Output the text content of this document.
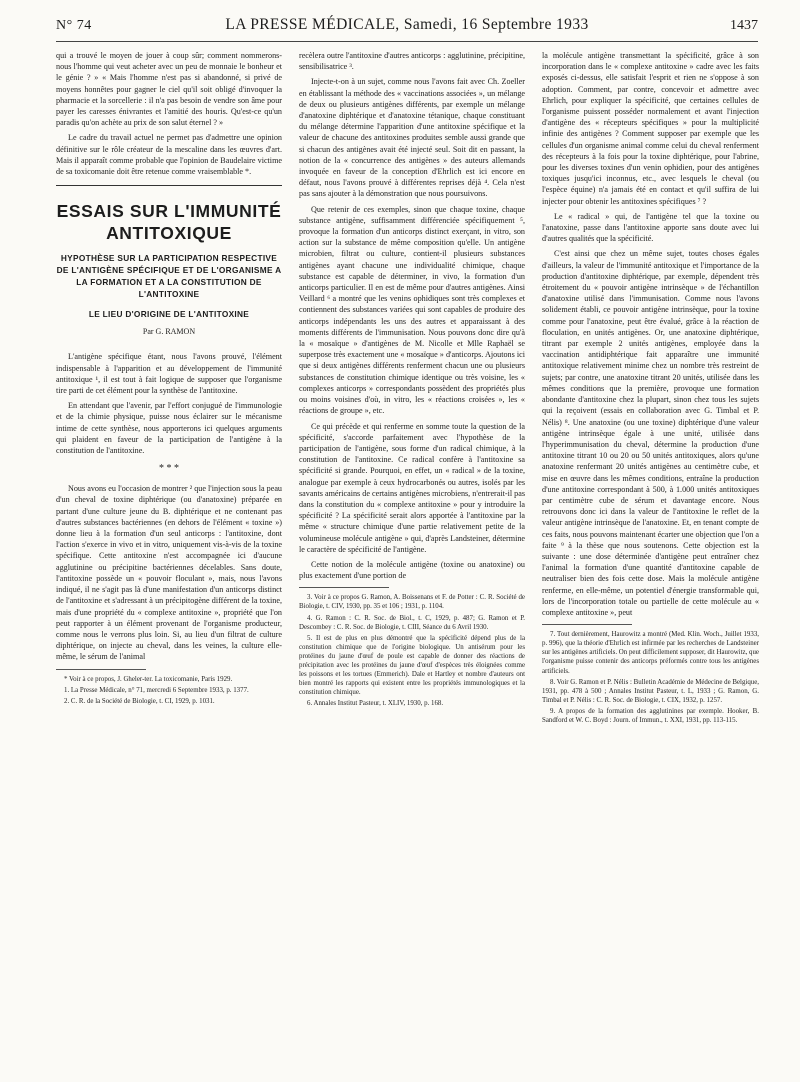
N° 74	LA PRESSE MÉDICALE, Samedi, 16 Septembre 1933	1437

qui a trouvé le moyen de jouer à coup sûr; comment nommerons-nous l'homme qui veut acheter avec un peu de monnaie le bonheur et le génie ? » « Mais l'homme n'est pas si abandonné, si privé de moyens honnêtes pour gagner le ciel qu'il soit obligé d'invoquer la pharmacie et la sorcellerie : il n'a pas besoin de vendre son âme pour payer les caresses énivrantes et l'amitié des houris. Qu'est-ce qu'un paradis qu'on achète au prix de son salut éternel ? »

Le cadre du travail actuel ne permet pas d'admettre une opinion définitive sur le rôle créateur de la mescaline dans les œuvres d'art. Mais il apparaît comme probable que l'opinion de Baudelaire victime de sa toxicomanie doit être retenue comme vraisemblable *.

ESSAIS SUR L'IMMUNITÉ ANTITOXIQUE
HYPOTHÈSE SUR LA PARTICIPATION RESPECTIVE DE L'ANTIGÈNE SPÉCIFIQUE ET DE L'ORGANISME A LA FORMATION ET A LA CONSTITUTION DE L'ANTITOXINE
LE LIEU D'ORIGINE DE L'ANTITOXINE
Par G. RAMON

L'antigène spécifique étant, nous l'avons prouvé, l'élément indispensable à l'apparition et au développement de l'immunité antitoxique ¹, il est tout à fait logique de supposer que l'organisme tire parti de cet élément pour la synthèse de l'antitoxine.

En attendant que l'avenir, par l'effort conjugué de l'immunologie et de la chimie physique, puisse nous éclairer sur le mécanisme intime de cette synthèse, nous apporterons ici quelques arguments qui plaident en faveur de la participation de l'antigène à la constitution de l'antitoxine.

* * *

Nous avons eu l'occasion de montrer ² que l'injection sous la peau d'un cheval de toxine diphtérique (ou d'anatoxine) préparée en partant d'une culture jeune du B. diphtérique et ne contenant pas d'autres substances bactériennes (en dehors de l'élément « toxine ») donne lieu à la formation d'un seul anticorps : l'antitoxine, dont l'action s'exerce in vivo et in vitro, uniquement vis-à-vis de la toxine spécifique. Cette antitoxine n'est accompagnée ici d'aucune agglutinine ou précipitine bactériennes décelables. Sans doute, l'antitoxine possède un « pouvoir floculant », mais, nous l'avons indiqué, il ne s'agit pas là d'une manifestation d'un anticorps distinct de l'antitoxine et s'adressant à un précipitogène différent de la toxine, mais d'une propriété du « complexe antitoxine », propriété que l'on peut rapporter à un élément provenant de l'organisme producteur, comme nous le verrons plus loin. Si, au lieu d'un filtrat de culture diphtérique, on injecte au cheval, dans les veines, la culture elle-même, le sérum de l'animal

* Voir à ce propos, J. Gheler-ter. La toxicomanie, Paris 1929.

1. La Presse Médicale, n° 71, mercredi 6 Septembre 1933, p. 1377.

2. C. R. de la Société de Biologie, t. CI, 1929, p. 1031.

recèlera outre l'antitoxine d'autres anticorps : agglutinine, précipitine, sensibilisatrice ³.

Injecte-t-on à un sujet, comme nous l'avons fait avec Ch. Zoeller en établissant la méthode des « vaccinations associées », un mélange de deux ou plusieurs antigènes différents, par exemple un mélange d'anatoxine diphtérique et d'anatoxine tétanique, chaque constituant du mélange détermine l'apparition d'une antitoxine spécifique et la valeur de chacune des antitoxines produites semble aussi grande que si chacun des antigènes avait été injecté seul. Soit dit en passant, la notion de la « concurrence des antigènes » des auteurs allemands invoquée en faveur de la conception d'Ehrlich est ici encore en défaut, nous l'avons prouvé à différentes reprises déjà ⁴. Cela n'est pas sans ajouter à la démonstration que nous poursuivons.

Que retenir de ces exemples, sinon que chaque toxine, chaque substance antigène, suffisamment différenciée spécifiquement ⁵, provoque la formation d'un anticorps distinct exerçant, in vitro, son action sur la substance de même composition qu'elle. Un antigène microbien, filtrat ou culture, contient-il plusieurs substances antigènes ayant chacune une individualité chimique, chaque substance est capable de déterminer, in vivo, la formation d'un anticorps particulier. Il en est de même pour d'autres antigènes. Ainsi Veillard ⁶ a montré que les venins ophidiques sont très complexes et contiennent des substances variées qui sont capables de produire des anticorps indépendants les uns des autres et apparaissant à des moments différents de l'immunisation. Nous pouvons donc dire qu'à la « mosaïque » d'antigènes de M. Nicolle et Mlle Raphaël se superpose très exactement une « mosaïque » d'anticorps. Ajoutons ici que si deux antigènes différents renferment chacun une ou plusieurs substances de constitution chimique identique ou très voisine, les « complexes anticorps » correspondants possèdent des propriétés plus ou moins voisines d'où, in vitro, les « réactions croisées », les « réactions de groupe », etc.

Ce qui précède et qui renferme en somme toute la question de la spécificité, s'accorde parfaitement avec l'hypothèse de la participation de l'antigène, sous forme d'un radical chimique, à la constitution de l'antitoxine. Ce radical confère à l'antitoxine sa spécificité si grande. Pourquoi, en effet, un « radical » de la toxine, analogue par exemple à ceux hydrocarbonés ou autres, isolés par les savants américains de certains antigènes microbiens, n'entrerait-il pas dans la constitution du « complexe antitoxine » pour y introduire la spécificité ? La spécificité serait alors apportée à l'antitoxine par la même « structure chimique d'une partie relativement petite de la volumineuse molécule antigène » qui, d'après Landsteiner, détermine le caractère de spécificité de l'antigène.

Cette notion de la molécule antigène (toxine ou anatoxine) ou plus exactement d'une portion de

3. Voir à ce propos G. Ramon, A. Boissenans et F. de Potter : C. R. Société de Biologie, t. CIV, 1930, pp. 35 et 106 ; 1931, p. 1104.

4. G. Ramon : C. R. Soc. de Biol., t. C, 1929, p. 487; G. Ramon et P. Descombey : C. R. Soc. de Biologie, t. CIII, Séance du 6 Avril 1930.

5. Il est de plus en plus démontré que la spécificité dépend plus de la constitution chimique que de l'origine biologique. Un antisérum pour les protéines du jaune d'œuf de poule est capable de donner des réactions de précipitation avec les protéines du jaune d'œuf d'espèces très éloignées comme les poissons et les tortues (Emmerich). Dale et Hartley et nombre d'auteurs ont bien montré les rapports qui existent entre les propriétés immunologiques et la constitution chimique.

6. Annales Institut Pasteur, t. XLIV, 1930, p. 168.

la molécule antigène transmettant la spécificité, grâce à son incorporation dans le « complexe antitoxine » cadre avec les faits exposés ci-dessus, elle satisfait l'esprit et rien ne s'oppose à son adoption. Comment, par contre, concevoir et admettre avec Ehrlich, pour expliquer la spécificité, que certaines cellules de l'organisme puissent posséder normalement et avant l'injection d'antigène des « récepteurs spécifiques » pour la multiplicité infinie des antigènes ? Comment supposer par exemple que les cellules d'un organisme animal comme celui du cheval renferment des récepteurs à la fois pour la toxine diphtérique, pour l'abrine, pour les diverses toxines d'un venin ophidien, pour des antigènes toxiques jusqu'ici inconnus, etc., avec lesquels le cheval (ou l'espèce équine) n'a jamais été en contact et qu'il suffira de lui injecter pour obtenir les antitoxines spécifiques ⁷ ?

Le « radical » qui, de l'antigène tel que la toxine ou l'anatoxine, passe dans l'antitoxine apporte sans doute avec lui d'autres qualités que la spécificité.

C'est ainsi que chez un même sujet, toutes choses égales d'ailleurs, la valeur de l'immunité antitoxique et l'importance de la production d'antitoxine diphtérique, par exemple, dépendent très étroitement du « pouvoir antigène intrinsèque » de l'échantillon d'anatoxine utilisé dans l'immunisation. Comme nous l'avons solidement établi, ce pouvoir antigène intrinsèque, pour la toxine comme pour l'anatoxine, peut être évalué, grâce à la réaction de floculation, en unités antigènes. Or, une anatoxine diphtérique, titrant par exemple 2 unités antigènes, employée dans la vaccination antidiphtérique fait apparaître une immunité antitoxique relativement minime chez un nombre très restreint de sujets; par contre, une anatoxine titrant 20 unités, utilisée dans les mêmes conditions que la première, provoque une formation abondante d'antitoxine chez la plupart, sinon chez tous les sujets qui la reçoivent (essais en collaboration avec G. Timbal et P. Nélis) ⁸. Une anatoxine (ou une toxine) diphtérique d'une valeur antigène intrinsèque égale à une unité, utilisée dans l'hyperimmunisation du cheval, détermine la production d'une antitoxine titrant 10 ou 20 ou 50 unités antitoxiques, alors qu'une anatoxine renfermant 20 unités antigènes au centimètre cube, et mise en œuvre dans les mêmes conditions, entraîne la production d'une antitoxine correspondant à 500, à 1.000 unités antitoxiques par centimètre cube de sérum et davantage encore. Nous retrouvons donc ici dans la valeur de l'antitoxine le reflet de la valeur antigène intrinsèque de l'anatoxine. Et, en tenant compte de ces faits, nous pouvons maintenant écarter une objection que l'on a faite ⁹ à la thèse que nous soutenons. Cette objection est la suivante : une dose déterminée d'antigène peut entraîner chez l'animal la formation d'une quantité d'antitoxine capable de neutraliser bien des fois cette dose. Mais la molécule antigène renferme, en elle-même, un potentiel d'énergie transformable qui, lors de l'incorporation totale ou partielle de cette molécule au « complexe antitoxine », peut

7. Tout dernièrement, Haurowitz a montré (Med. Klin. Woch., Juillet 1933, p. 996), que la théorie d'Ehrlich est infirmée par les recherches de Landsteiner sur les antigènes artificiels. On peut difficilement supposer, dit Haurowitz, que l'organisme puisse contenir des anticorps préformés contre tous les antigènes artificiels.

8. Voir G. Ramon et P. Nélis : Bulletin Académie de Médecine de Belgique, 1931, pp. 478 à 500 ; Annales Institut Pasteur, t. L, 1933 ; G. Ramon, G. Timbal et P. Nélis : C. R. Soc. de Biologie, t. CIX, 1932, p. 1257.

9. A propos de la formation des agglutinines par exemple. Hooker, B. Sandford et W. C. Boyd : Journ. of Immun., t. XXI, 1931, pp. 113-115.
